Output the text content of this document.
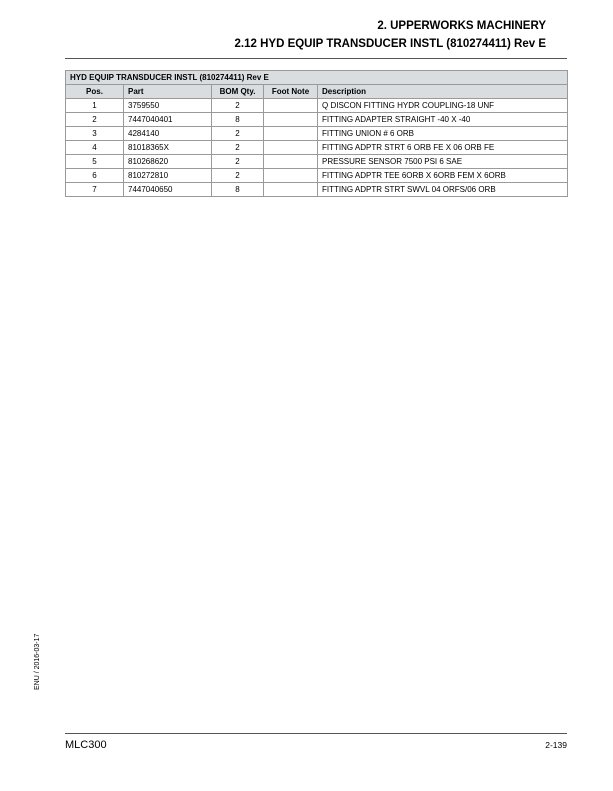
2. UPPERWORKS MACHINERY
2.12 HYD EQUIP TRANSDUCER INSTL (810274411) Rev E
HYD EQUIP TRANSDUCER INSTL (810274411) Rev E				
Pos.	Part	BOM Qty.	Foot Note	Description
1	3759550	2		Q DISCON FITTING HYDR COUPLING-18 UNF
2	7447040401	8		FITTING ADAPTER STRAIGHT -40 X -40
3	4284140	2		FITTING UNION # 6 ORB
4	81018365X	2		FITTING ADPTR STRT 6 ORB FE X 06 ORB FE
5	810268620	2		PRESSURE SENSOR 7500 PSI 6 SAE
6	810272810	2		FITTING ADPTR TEE 6ORB X 6ORB FEM X 6ORB
7	7447040650	8		FITTING ADPTR STRT SWVL 04 ORFS/06 ORB
ENU / 2016-03-17
MLC300	2-139
